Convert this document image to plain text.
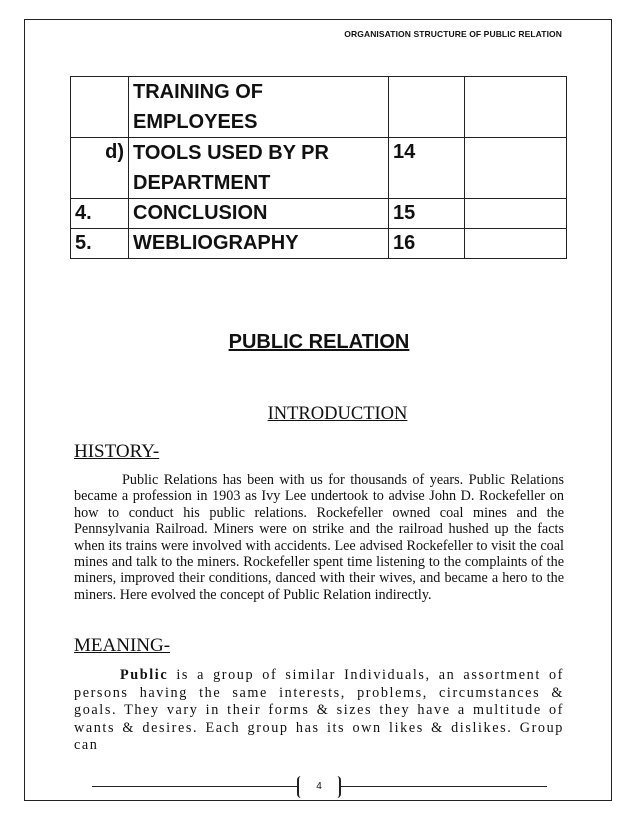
ORGANISATION STRUCTURE OF PUBLIC RELATION
	TRAINING OF EMPLOYEES		
d)	TOOLS USED BY PR DEPARTMENT	14	
4.	CONCLUSION	15	
5.	WEBLIOGRAPHY	16	
PUBLIC RELATION
INTRODUCTION
HISTORY-
Public Relations has been with us for thousands of years. Public Relations became a profession in 1903 as Ivy Lee undertook to advise John D. Rockefeller on how to conduct his public relations. Rockefeller owned coal mines and the Pennsylvania Railroad. Miners were on strike and the railroad hushed up the facts when its trains were involved with accidents. Lee advised Rockefeller to visit the coal mines and talk to the miners. Rockefeller spent time listening to the complaints of the miners, improved their conditions, danced with their wives, and became a hero to the miners. Here evolved the concept of Public Relation indirectly.
MEANING-
Public is a group of similar Individuals, an assortment of persons having the same interests, problems, circumstances & goals. They vary in their forms & sizes they have a multitude of wants & desires. Each group has its own likes & dislikes. Group can
4
